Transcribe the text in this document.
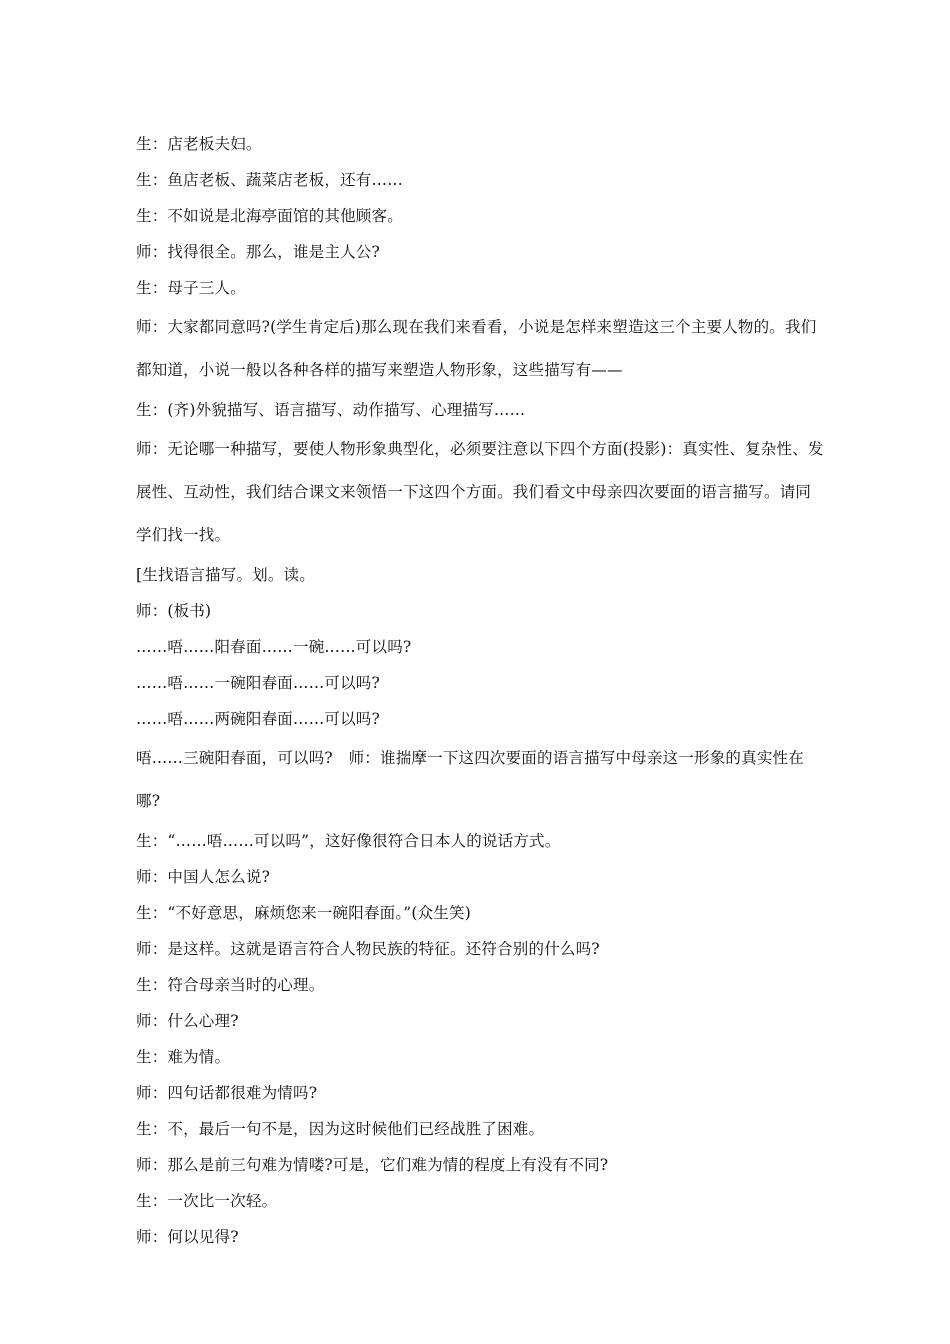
生：店老板夫妇。
生：鱼店老板、蔬菜店老板，还有……
生：不如说是北海亭面馆的其他顾客。
师：找得很全。那么，谁是主人公?
生：母子三人。
师：大家都同意吗?(学生肯定后)那么现在我们来看看，小说是怎样来塑造这三个主要人物的。我们都知道，小说一般以各种各样的描写来塑造人物形象，这些描写有——
生：(齐)外貌描写、语言描写、动作描写、心理描写……
师：无论哪一种描写，要使人物形象典型化，必须要注意以下四个方面(投影)：真实性、复杂性、发展性、互动性，我们结合课文来领悟一下这四个方面。我们看文中母亲四次要面的语言描写。请同学们找一找。
[生找语言描写。划。读。
师：(板书)
……唔……阳春面……一碗……可以吗?
……唔……一碗阳春面……可以吗?
……唔……两碗阳春面……可以吗?
唔……三碗阳春面，可以吗?　师：谁揣摩一下这四次要面的语言描写中母亲这一形象的真实性在哪?
生：“……唔……可以吗”，这好像很符合日本人的说话方式。
师：中国人怎么说?
生：“不好意思，麻烦您来一碗阳春面。”(众生笑)
师：是这样。这就是语言符合人物民族的特征。还符合别的什么吗?
生：符合母亲当时的心理。
师：什么心理?
生：难为情。
师：四句话都很难为情吗?
生：不，最后一句不是，因为这时候他们已经战胜了困难。
师：那么是前三句难为情喽?可是，它们难为情的程度上有没有不同?
生：一次比一次轻。
师：何以见得?
